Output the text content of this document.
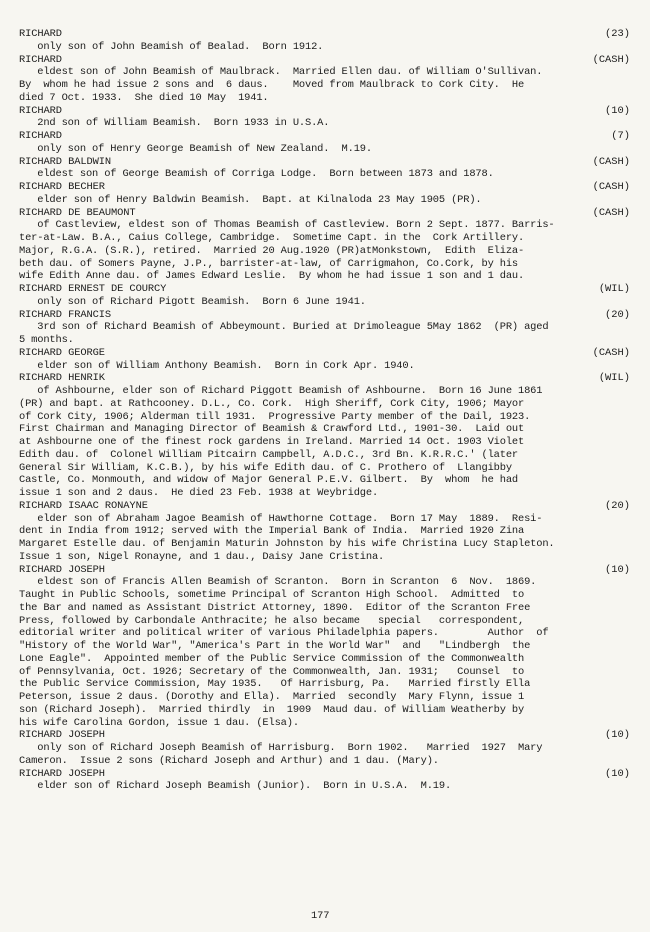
RICHARD	(23)

only son of John Beamish of Bealad.  Born 1912.

RICHARD	(CASH)

eldest son of John Beamish of Maulbrack.  Married Ellen dau. of William O'Sullivan.
By  whom he had issue 2 sons and  6 daus.    Moved from Maulbrack to Cork City.  He
died 7 Oct. 1933.  She died 10 May  1941.

RICHARD	(10)

2nd son of William Beamish.  Born 1933 in U.S.A.

RICHARD	(7)

only son of Henry George Beamish of New Zealand.  M.19.

RICHARD BALDWIN	(CASH)

eldest son of George Beamish of Corriga Lodge.  Born between 1873 and 1878.

RICHARD BECHER	(CASH)

elder son of Henry Baldwin Beamish.  Bapt. at Kilnaloda 23 May 1905 (PR).

RICHARD DE BEAUMONT	(CASH)

of Castleview, eldest son of Thomas Beamish of Castleview. Born 2 Sept. 1877. Barris-
ter-at-Law. B.A., Caius College, Cambridge.  Sometime Capt. in the  Cork Artillery.
Major, R.G.A. (S.R.), retired.  Married 20 Aug.1920 (PR)atMonkstown,  Edith  Eliza-
beth dau. of Somers Payne, J.P., barrister-at-law, of Carrigmahon, Co.Cork, by his
wife Edith Anne dau. of James Edward Leslie.  By whom he had issue 1 son and 1 dau.

RICHARD ERNEST DE COURCY	(WIL)

only son of Richard Pigott Beamish.  Born 6 June 1941.

RICHARD FRANCIS	(20)

3rd son of Richard Beamish of Abbeymount. Buried at Drimoleague 5May 1862  (PR) aged
5 months.

RICHARD GEORGE	(CASH)

elder son of William Anthony Beamish.  Born in Cork Apr. 1940.

RICHARD HENRIK	(WIL)

of Ashbourne, elder son of Richard Piggott Beamish of Ashbourne.  Born 16 June 1861
(PR) and bapt. at Rathcooney. D.L., Co. Cork.  High Sheriff, Cork City, 1906; Mayor
of Cork City, 1906; Alderman till 1931.  Progressive Party member of the Dail, 1923.
First Chairman and Managing Director of Beamish & Crawford Ltd., 1901-30.  Laid out
at Ashbourne one of the finest rock gardens in Ireland. Married 14 Oct. 1903 Violet
Edith dau. of  Colonel William Pitcairn Campbell, A.D.C., 3rd Bn. K.R.R.C.' (later
General Sir William, K.C.B.), by his wife Edith dau. of C. Prothero of  Llangibby
Castle, Co. Monmouth, and widow of Major General P.E.V. Gilbert.  By  whom  he had
issue 1 son and 2 daus.  He died 23 Feb. 1938 at Weybridge.

RICHARD ISAAC RONAYNE	(20)

elder son of Abraham Jagoe Beamish of Hawthorne Cottage.  Born 17 May  1889.  Resi-
dent in India from 1912; served with the Imperial Bank of India.  Married 1920 Zina
Margaret Estelle dau. of Benjamin Maturin Johnston by his wife Christina Lucy Stapleton.
Issue 1 son, Nigel Ronayne, and 1 dau., Daisy Jane Cristina.

RICHARD JOSEPH	(10)

eldest son of Francis Allen Beamish of Scranton.  Born in Scranton  6  Nov.  1869.
Taught in Public Schools, sometime Principal of Scranton High School.  Admitted  to
the Bar and named as Assistant District Attorney, 1890.  Editor of the Scranton Free
Press, followed by Carbondale Anthracite; he also became   special   correspondent,
editorial writer and political writer of various Philadelphia papers.        Author  of
"History of the World War", "America's Part in the World War"  and   "Lindbergh  the
Lone Eagle".  Appointed member of the Public Service Commission of the Commonwealth
of Pennsylvania, Oct. 1926; Secretary of the Commonwealth, Jan. 1931;   Counsel  to
the Public Service Commission, May 1935.   Of Harrisburg, Pa.   Married firstly Ella
Peterson, issue 2 daus. (Dorothy and Ella).  Married  secondly  Mary Flynn, issue 1
son (Richard Joseph).  Married thirdly  in  1909  Maud dau. of William Weatherby by
his wife Carolina Gordon, issue 1 dau. (Elsa).

RICHARD JOSEPH	(10)

only son of Richard Joseph Beamish of Harrisburg.  Born 1902.   Married  1927  Mary
Cameron.  Issue 2 sons (Richard Joseph and Arthur) and 1 dau. (Mary).

RICHARD JOSEPH	(10)

elder son of Richard Joseph Beamish (Junior).  Born in U.S.A.  M.19.

177
